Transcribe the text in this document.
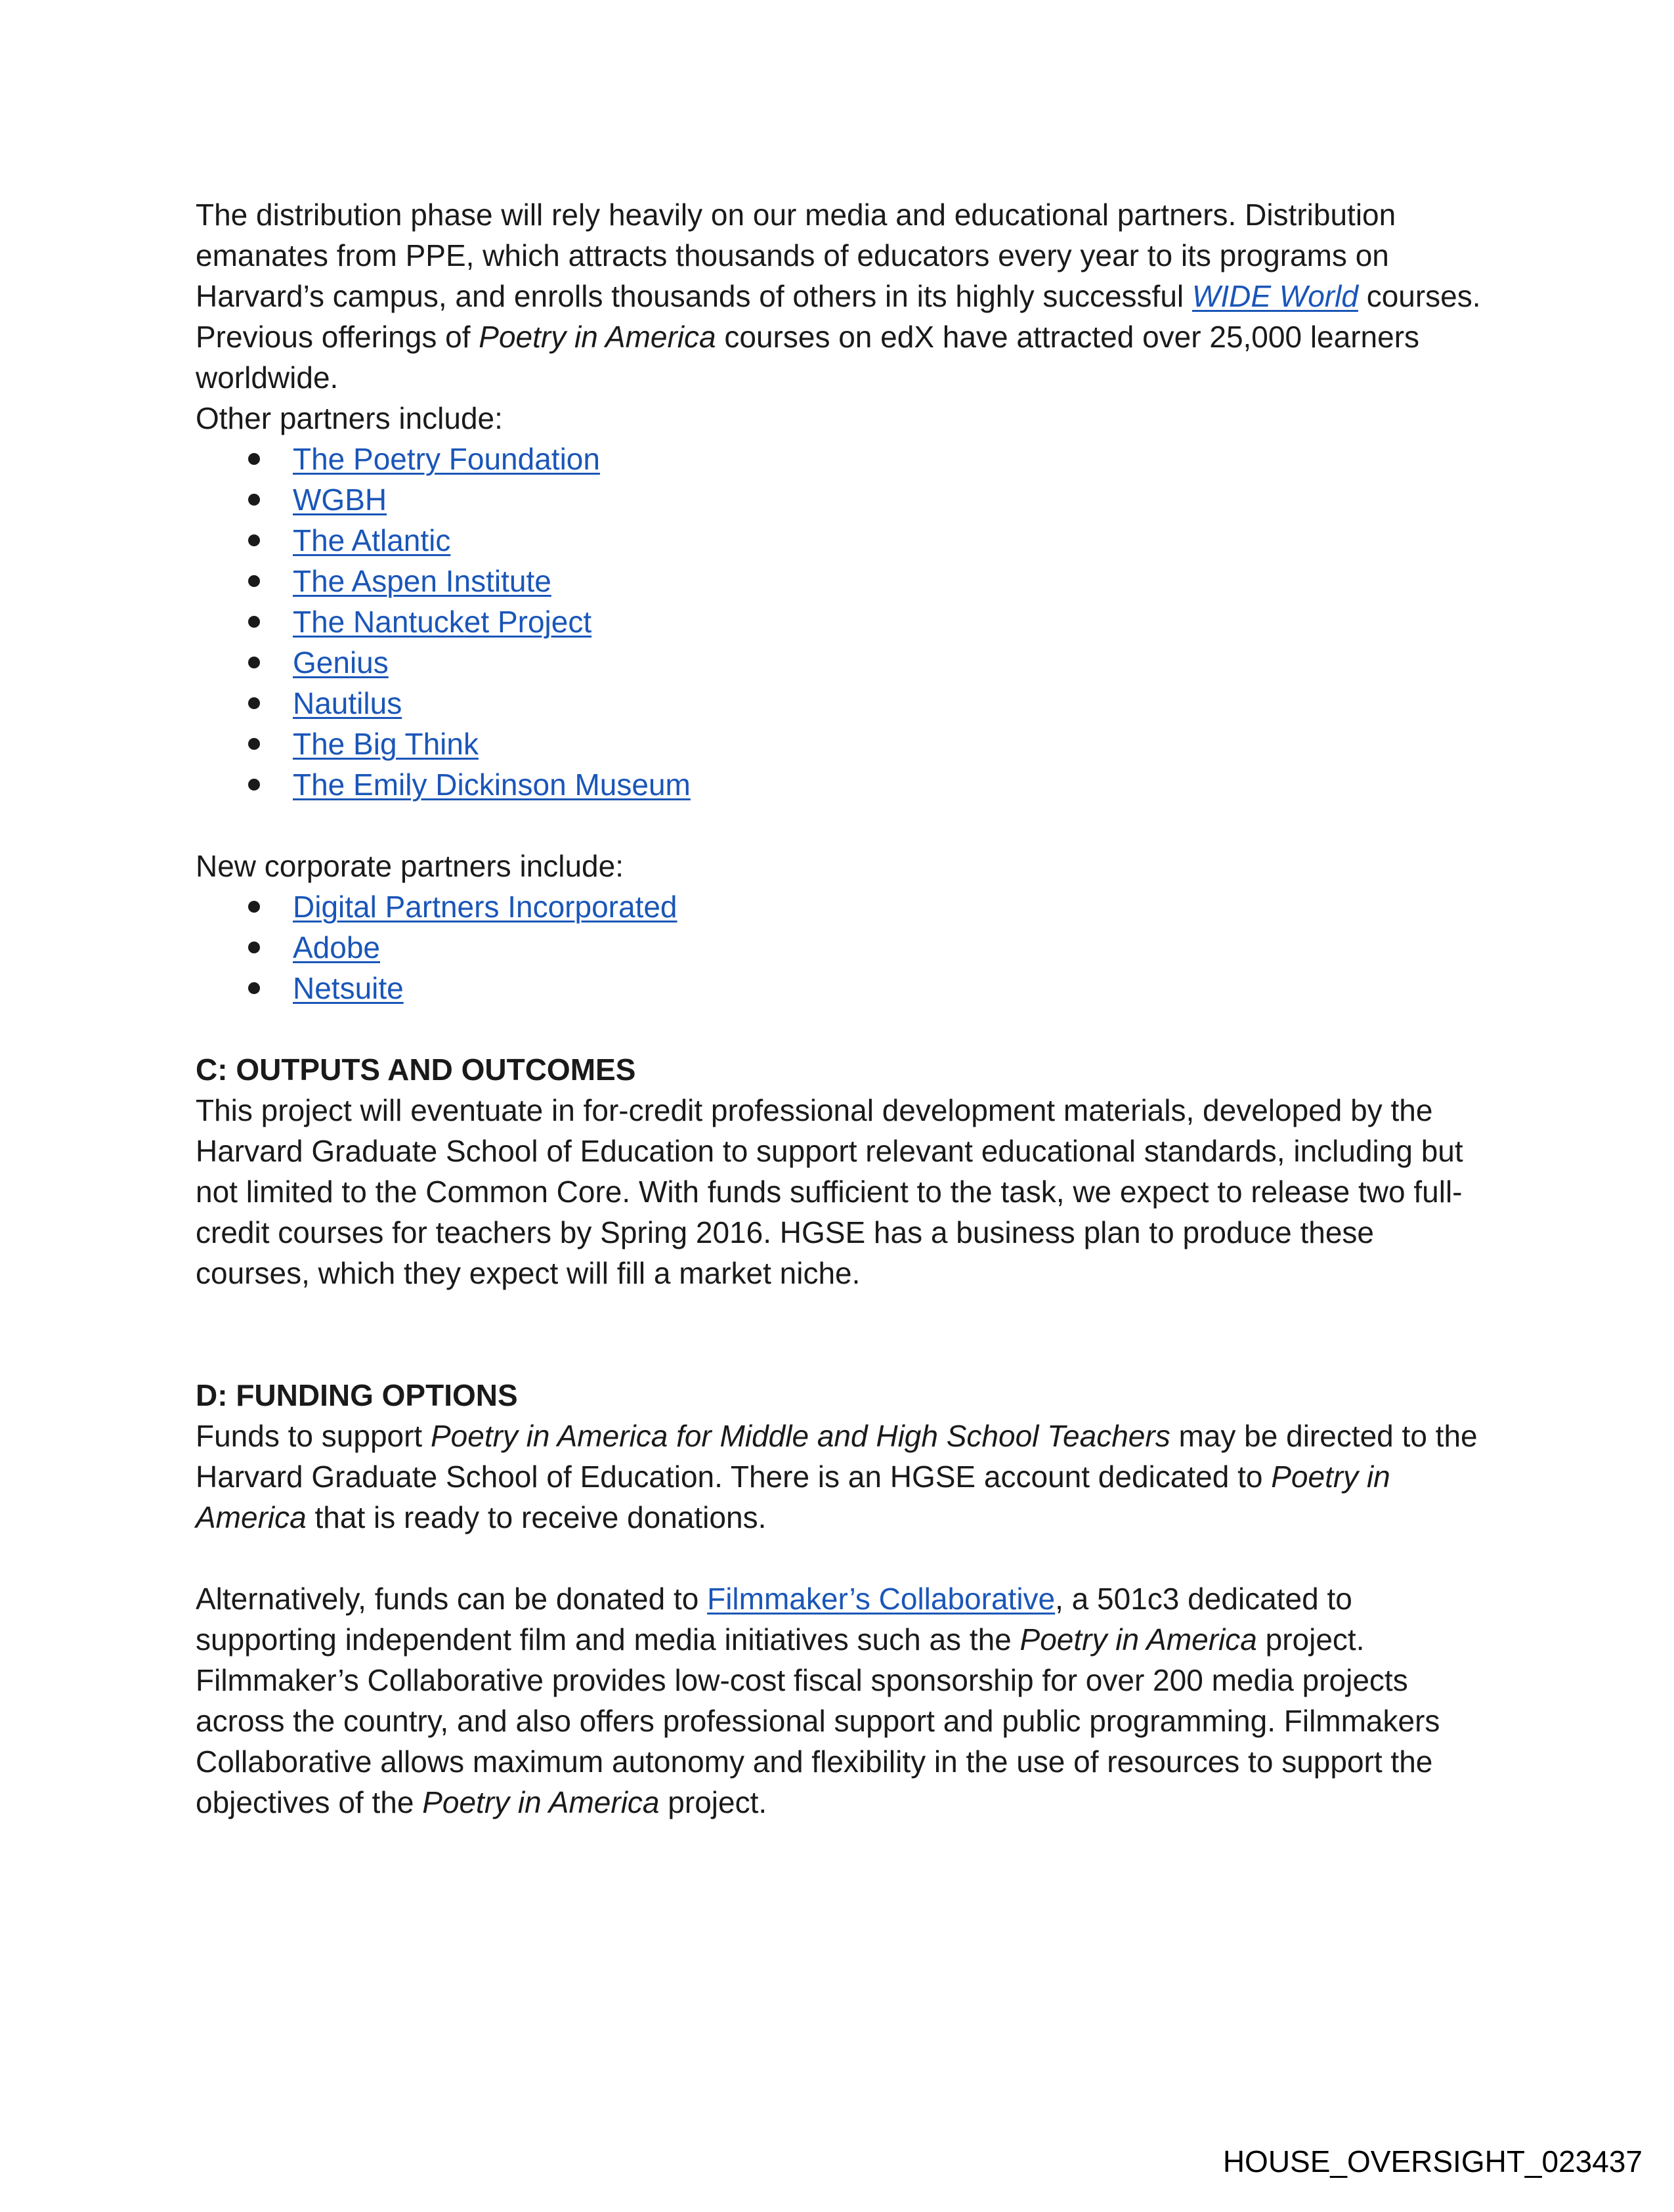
The distribution phase will rely heavily on our media and educational partners. Distribution emanates from PPE, which attracts thousands of educators every year to its programs on Harvard’s campus, and enrolls thousands of others in its highly successful WIDE World courses. Previous offerings of Poetry in America courses on edX have attracted over 25,000 learners worldwide.

Other partners include:

The Poetry Foundation
WGBH
The Atlantic
The Aspen Institute
The Nantucket Project
Genius
Nautilus
The Big Think
The Emily Dickinson Museum

New corporate partners include:

Digital Partners Incorporated
Adobe
Netsuite
C: OUTPUTS AND OUTCOMES

This project will eventuate in for-credit professional development materials, developed by the Harvard Graduate School of Education to support relevant educational standards, including but not limited to the Common Core. With funds sufficient to the task, we expect to release two full-credit courses for teachers by Spring 2016. HGSE has a business plan to produce these courses, which they expect will fill a market niche.

D: FUNDING OPTIONS

Funds to support Poetry in America for Middle and High School Teachers may be directed to the Harvard Graduate School of Education. There is an HGSE account dedicated to Poetry in America that is ready to receive donations.

Alternatively, funds can be donated to Filmmaker’s Collaborative, a 501c3 dedicated to supporting independent film and media initiatives such as the Poetry in America project. Filmmaker’s Collaborative provides low-cost fiscal sponsorship for over 200 media projects across the country, and also offers professional support and public programming. Filmmakers Collaborative allows maximum autonomy and flexibility in the use of resources to support the objectives of the Poetry in America project.

HOUSE_OVERSIGHT_023437
